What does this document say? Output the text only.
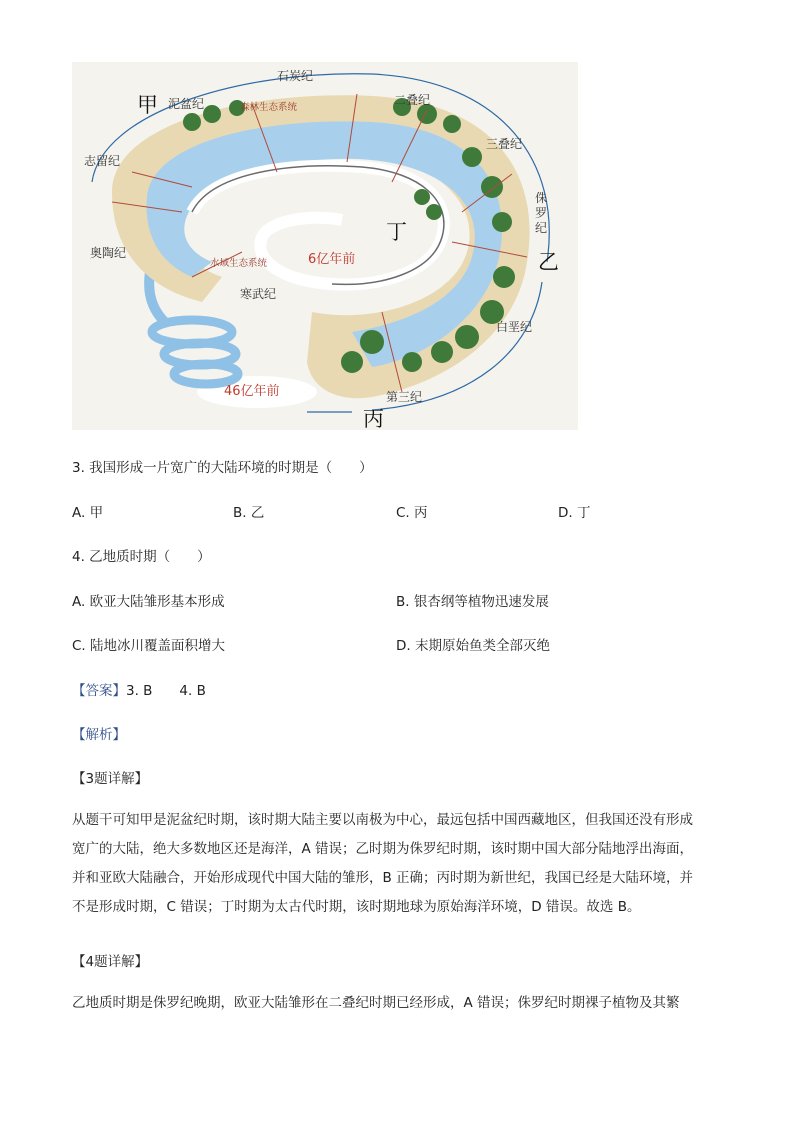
石炭纪
泥盆纪	二叠纪
三叠纪
志留纪
奥陶纪
寒武纪
白垩纪
第三纪
侏罗纪
甲
丁
乙
丙
森林生态系统
水域生态系统	6亿年前
46亿年前
3. 我国形成一片宽广的大陆环境的时期是（　　）
A. 甲	B. 乙	C. 丙	D. 丁
4. 乙地质时期（　　）
A. 欧亚大陆雏形基本形成	B. 银杏纲等植物迅速发展
C. 陆地冰川覆盖面积增大	D. 末期原始鱼类全部灭绝
【答案】3. B　　4. B
【解析】
【3题详解】
从题干可知甲是泥盆纪时期，该时期大陆主要以南极为中心，最远包括中国西藏地区，但我国还没有形成
宽广的大陆，绝大多数地区还是海洋，A 错误；乙时期为侏罗纪时期，该时期中国大部分陆地浮出海面，
并和亚欧大陆融合，开始形成现代中国大陆的雏形，B 正确；丙时期为新世纪，我国已经是大陆环境，并
不是形成时期，C 错误；丁时期为太古代时期，该时期地球为原始海洋环境，D 错误。故选 B。
【4题详解】
乙地质时期是侏罗纪晚期，欧亚大陆雏形在二叠纪时期已经形成，A 错误；侏罗纪时期裸子植物及其繁
